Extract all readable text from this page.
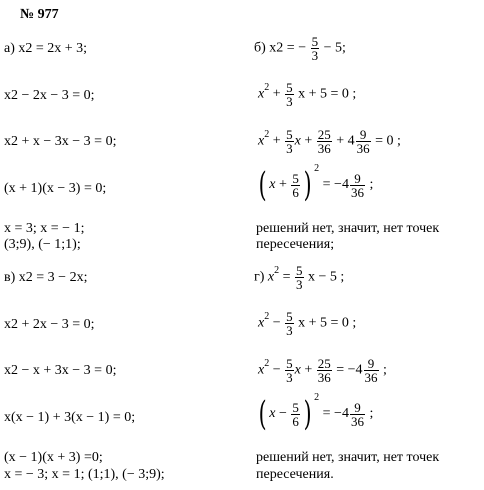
№ 977
а) x2 = 2x + 3;
x2 − 2x − 3 = 0;
x2 + x − 3x − 3 = 0;
(x + 1)(x − 3) = 0;
x = 3; x = − 1;
(3;9), (− 1;1);
в) x2 = 3 − 2x;
x2 + 2x − 3 = 0;
x2 − x + 3x − 3 = 0;
x(x − 1) + 3(x − 1) = 0;
(x − 1)(x + 3) =0;
x = − 3; x = 1; (1;1), (− 3;9);
б) x2 = − $\frac{5}{3} - 5$;
$x^2 + \frac{5}{3}$ x + 5 = 0 ;
$x^2 + \frac{5}{3}$ $x + \frac{25}{36} + 4 \frac{9}{36} = 0$ ;
( $x + \frac{5}{6}$ ) $^2 = -4 \frac{9}{36}$ ;
решений нет, значит, нет точек
пересечения;
г) $x^2 = \frac{5}{3}$ x − 5 ;
$x^2 - \frac{5}{3}$ x + 5 = 0 ;
$x^2 - \frac{5}{3}$ $x + \frac{25}{36} = -4 \frac{9}{36}$ ;
( $x - \frac{5}{6}$ ) $^2 = -4 \frac{9}{36}$ ;
решений нет, значит, нет точек
пересечения.
